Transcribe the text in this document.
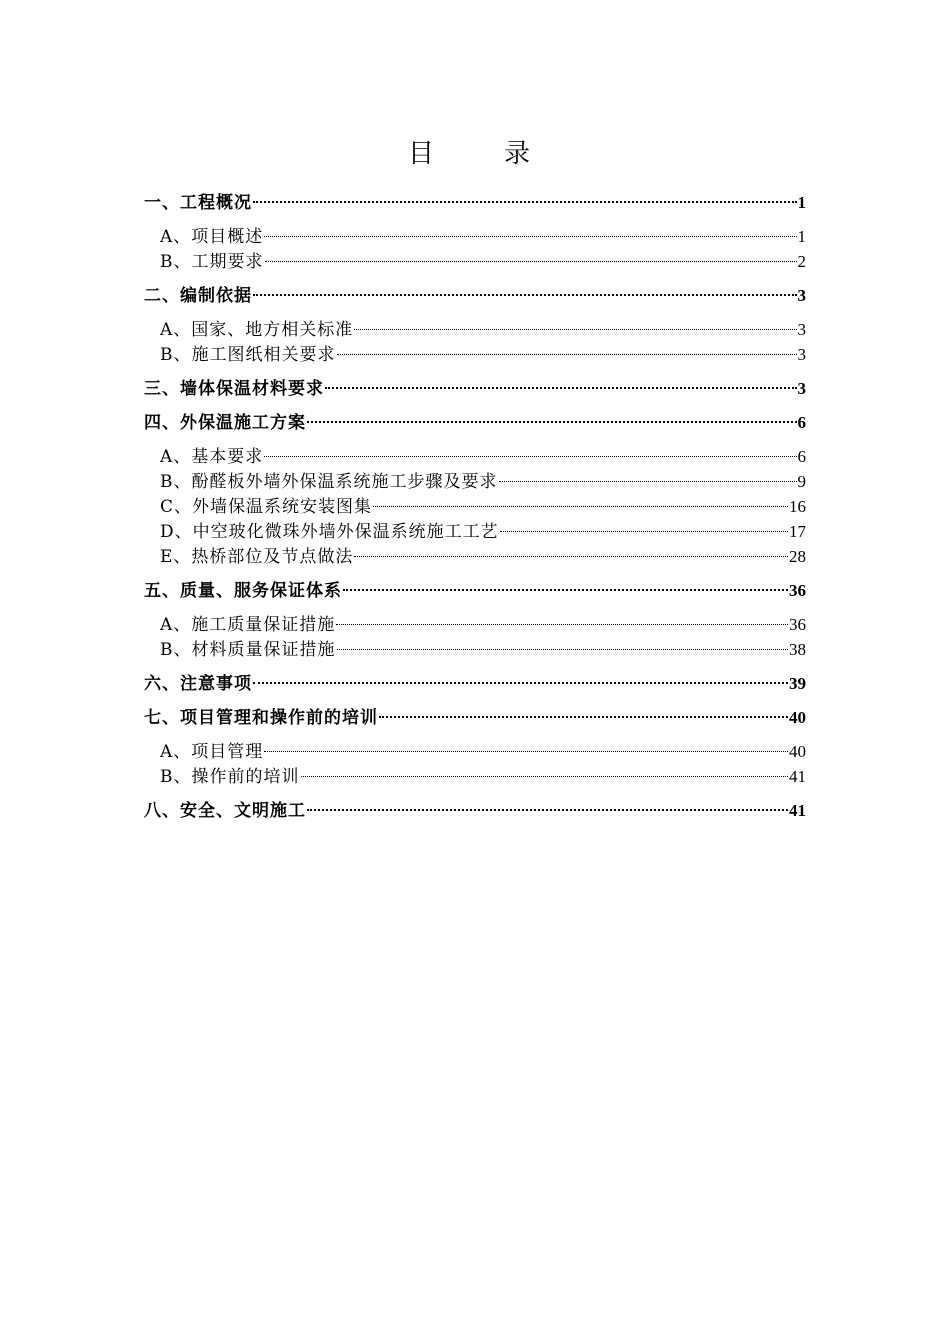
目　录
一、工程概况	1
A、项目概述	1
B、工期要求	2
二、编制依据	3
A、国家、地方相关标准	3
B、施工图纸相关要求	3
三、墙体保温材料要求	3
四、外保温施工方案	6
A、基本要求	6
B、酚醛板外墙外保温系统施工步骤及要求	9
C、外墙保温系统安装图集	16
D、中空玻化微珠外墙外保温系统施工工艺	17
E、热桥部位及节点做法	28
五、质量、服务保证体系	36
A、施工质量保证措施	36
B、材料质量保证措施	38
六、注意事项	39
七、项目管理和操作前的培训	40
A、项目管理	40
B、操作前的培训	41
八、安全、文明施工	41
